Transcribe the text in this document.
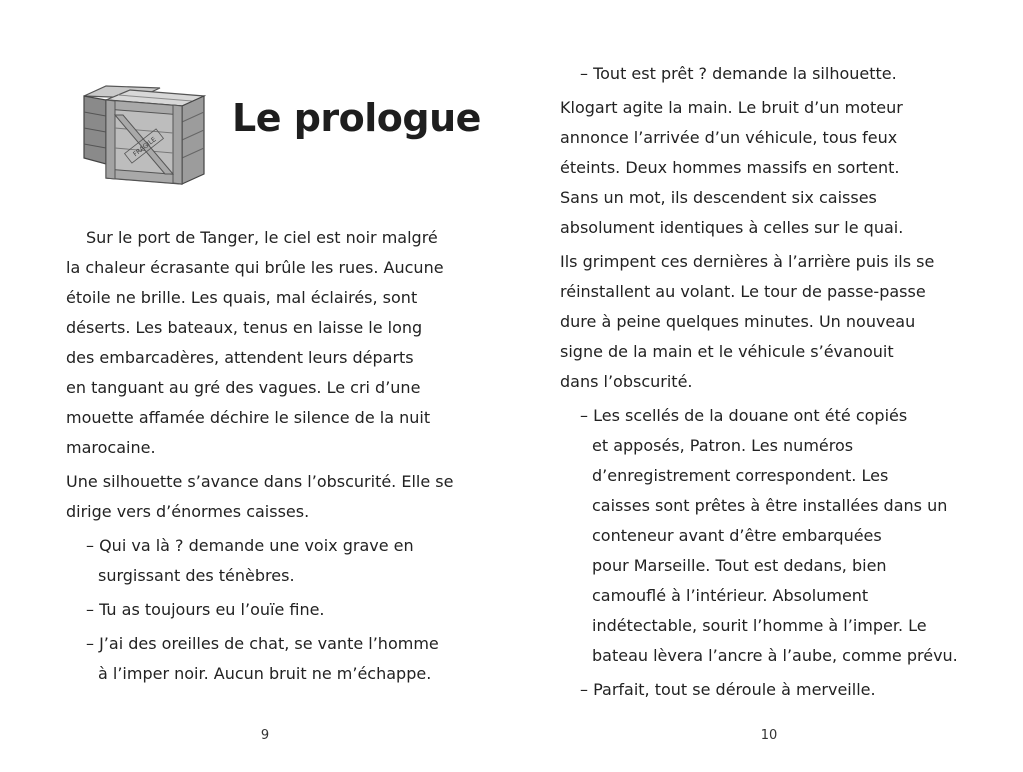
FRAGILE
Le prologue
Sur le port de Tanger, le ciel est noir malgré
la chaleur écrasante qui brûle les rues. Aucune
étoile ne brille. Les quais, mal éclairés, sont
déserts. Les bateaux, tenus en laisse le long
des embarcadères, attendent leurs départs
en tanguant au gré des vagues. Le cri d’une
mouette affamée déchire le silence de la nuit
marocaine.
Une silhouette s’avance dans l’obscurité. Elle se
dirige vers d’énormes caisses.
– Qui va là ? demande une voix grave en
surgissant des ténèbres.
– Tu as toujours eu l’ouïe fine.
– J’ai des oreilles de chat, se vante l’homme
à l’imper noir. Aucun bruit ne m’échappe.
9
– Tout est prêt ? demande la silhouette.
Klogart agite la main. Le bruit d’un moteur
annonce l’arrivée d’un véhicule, tous feux
éteints. Deux hommes massifs en sortent.
Sans un mot, ils descendent six caisses
absolument identiques à celles sur le quai.
Ils grimpent ces dernières à l’arrière puis ils se
réinstallent au volant. Le tour de passe-passe
dure à peine quelques minutes. Un nouveau
signe de la main et le véhicule s’évanouit
dans l’obscurité.
– Les scellés de la douane ont été copiés
et apposés, Patron. Les numéros
d’enregistrement correspondent. Les
caisses sont prêtes à être installées dans un
conteneur avant d’être embarquées
pour Marseille. Tout est dedans, bien
camouflé à l’intérieur. Absolument
indétectable, sourit l’homme à l’imper. Le
bateau lèvera l’ancre à l’aube, comme prévu.
– Parfait, tout se déroule à merveille.
10
